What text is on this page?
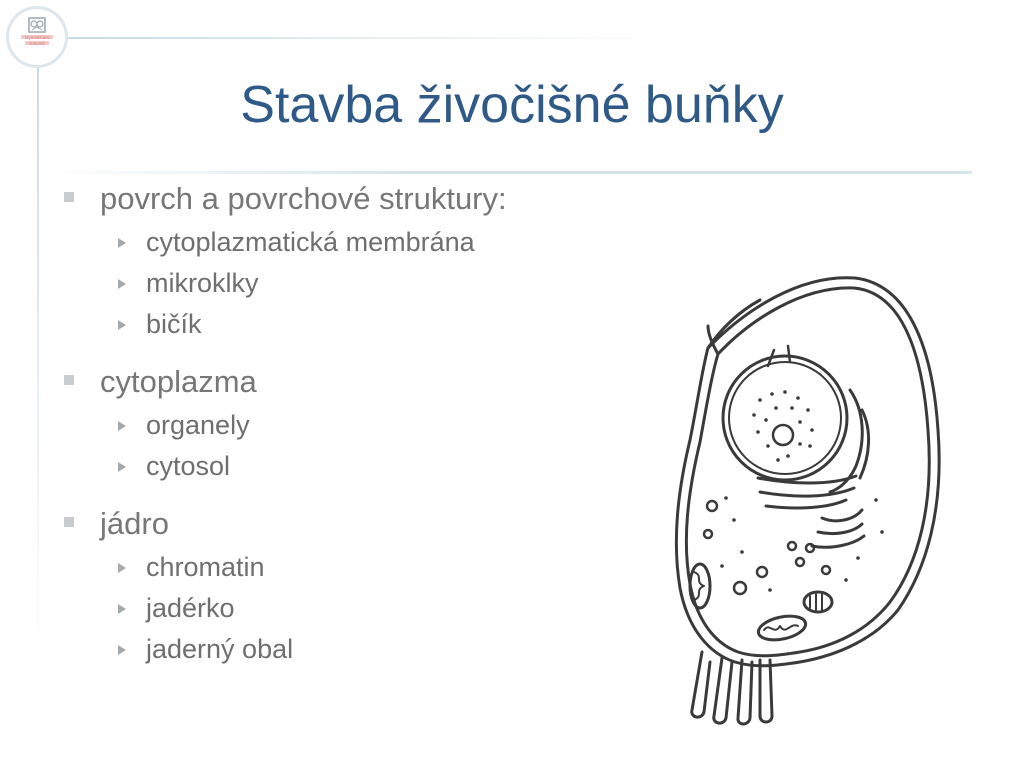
Gymnázium
Karviná
Stavba živočišné buňky
povrch a povrchové struktury:
cytoplazmatická membrána
mikroklky
bičík
cytoplazma
organely
cytosol
jádro
chromatin
jadérko
jaderný obal
